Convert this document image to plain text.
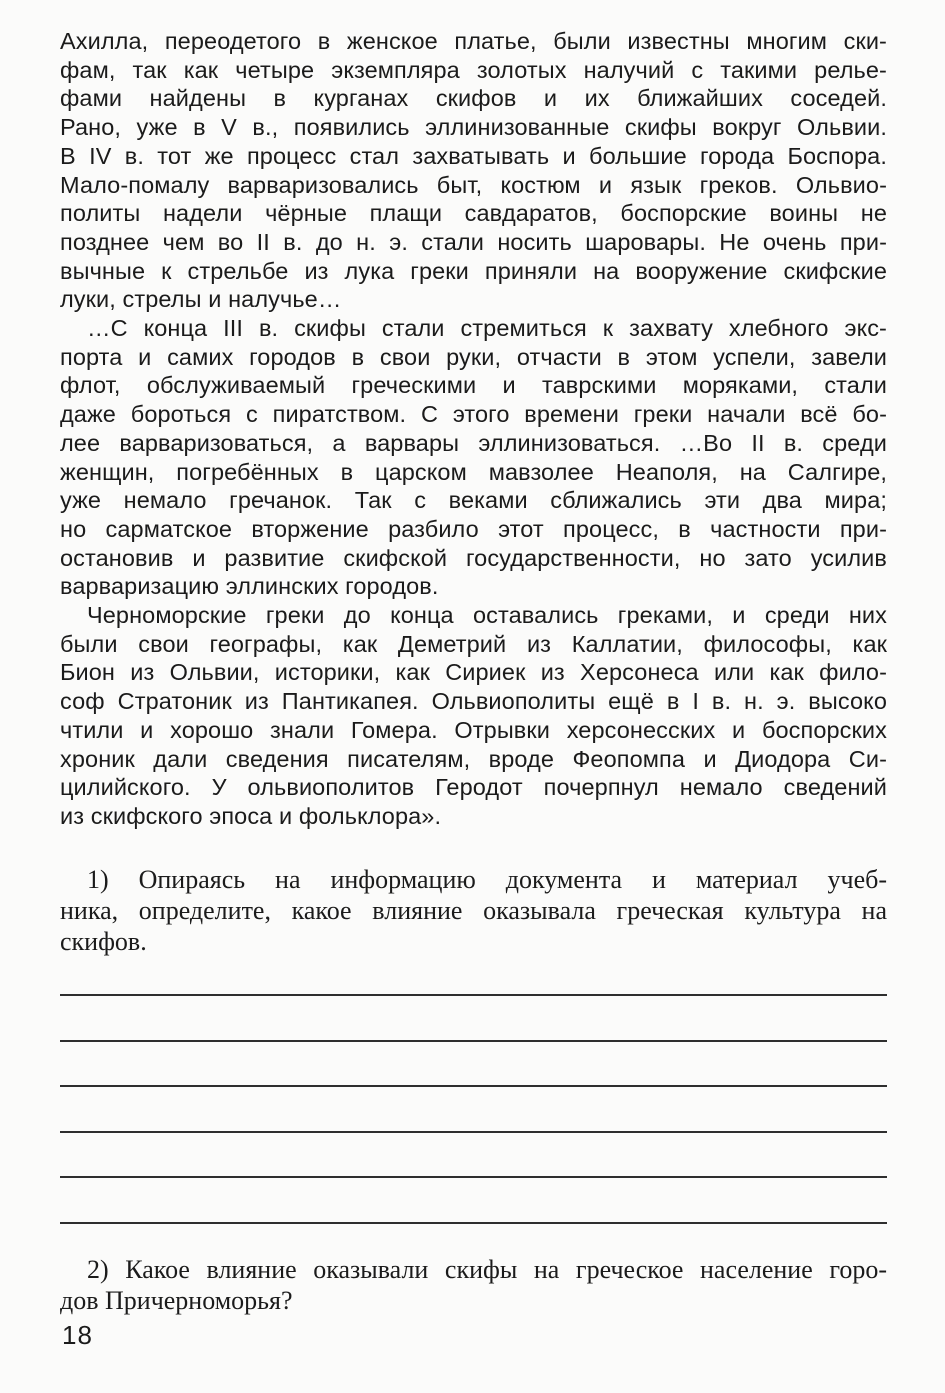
Ахилла, переодетого в женское платье, были известны многим ски-
фам, так как четыре экземпляра золотых налучий с такими релье-
фами найдены в курганах скифов и их ближайших соседей.
Рано, уже в V в., появились эллинизованные скифы вокруг Ольвии.
В IV в. тот же процесс стал захватывать и большие города Боспора.
Мало-помалу варваризовались быт, костюм и язык греков. Ольвио-
политы надели чёрные плащи савдаратов, боспорские воины не
позднее чем во II в. до н. э. стали носить шаровары. Не очень при-
вычные к стрельбе из лука греки приняли на вооружение скифские
луки, стрелы и налучье…
…С конца III в. скифы стали стремиться к захвату хлебного экс-
порта и самих городов в свои руки, отчасти в этом успели, завели
флот, обслуживаемый греческими и таврскими моряками, стали
даже бороться с пиратством. С этого времени греки начали всё бо-
лее варваризоваться, а варвары эллинизоваться. …Во II в. среди
женщин, погребённых в царском мавзолее Неаполя, на Салгире,
уже немало гречанок. Так с веками сближались эти два мира;
но сарматское вторжение разбило этот процесс, в частности при-
остановив и развитие скифской государственности, но зато усилив
варваризацию эллинских городов.
Черноморские греки до конца оставались греками, и среди них
были свои географы, как Деметрий из Каллатии, философы, как
Бион из Ольвии, историки, как Сириек из Херсонеса или как фило-
соф Стратоник из Пантикапея. Ольвиополиты ещё в I в. н. э. высоко
чтили и хорошо знали Гомера. Отрывки херсонесских и боспорских
хроник дали сведения писателям, вроде Феопомпа и Диодора Си-
цилийского. У ольвиополитов Геродот почерпнул немало сведений
из скифского эпоса и фольклора».
1) Опираясь на информацию документа и материал учеб-
ника, определите, какое влияние оказывала греческая культура на
скифов.
2) Какое влияние оказывали скифы на греческое население горо-
дов Причерноморья?
18
